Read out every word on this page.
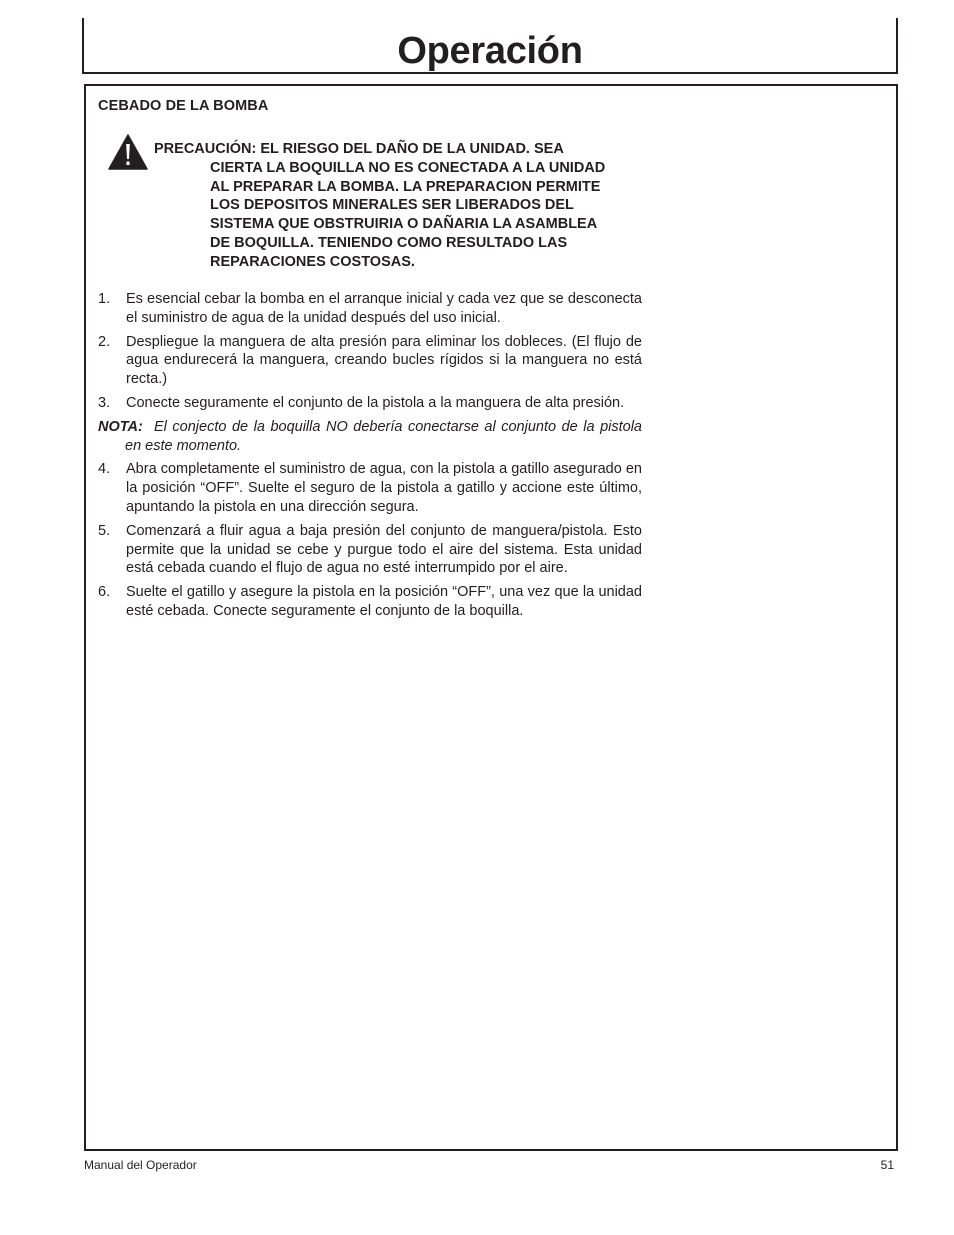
Operación
CEBADO DE LA BOMBA
PRECAUCIÓN: EL RIESGO DEL DAÑO DE LA UNIDAD. SEA
CIERTA LA BOQUILLA NO ES CONECTADA A LA UNIDAD
AL PREPARAR LA BOMBA. LA PREPARACION PERMITE
LOS DEPOSITOS MINERALES SER LIBERADOS DEL
SISTEMA QUE OBSTRUIRIA O DAÑARIA LA ASAMBLEA
DE BOQUILLA. TENIENDO COMO RESULTADO LAS
REPARACIONES COSTOSAS.
1. Es esencial cebar la bomba en el arranque inicial y cada vez que se desconecta el suministro de agua de la unidad después del uso inicial.
2. Despliegue la manguera de alta presión para eliminar los dobleces. (El flujo de agua endurecerá la manguera, creando bucles rígidos si la manguera no está recta.)
3. Conecte seguramente el conjunto de la pistola a la manguera de alta presión.
NOTA: El conjecto de la boquilla NO debería conectarse al conjunto de la pistola en este momento.
4. Abra completamente el suministro de agua, con la pistola a gatillo asegurado en la posición “OFF”. Suelte el seguro de la pistola a gatillo y accione este último, apuntando la pistola en una dirección segura.
5. Comenzará a fluir agua a baja presión del conjunto de manguera/pistola. Esto permite que la unidad se cebe y purgue todo el aire del sistema. Esta unidad está cebada cuando el flujo de agua no esté interrumpido por el aire.
6. Suelte el gatillo y asegure la pistola en la posición “OFF”, una vez que la unidad esté cebada. Conecte seguramente el conjunto de la boquilla.
Manual del Operador	51
